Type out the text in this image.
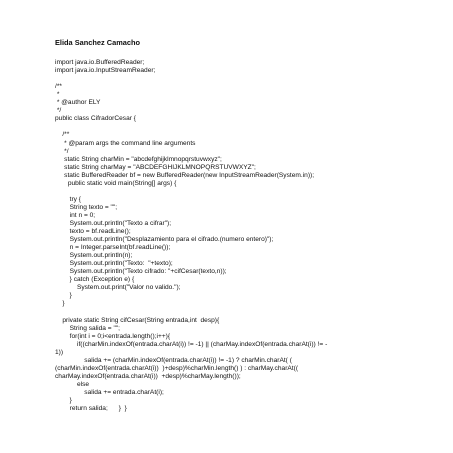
Elida Sanchez Camacho
import java.io.BufferedReader;
import java.io.InputStreamReader;
/**
*
* @author ELY
*/
public class CifradorCesar {
/**
* @param args the command line arguments
*/
static String charMin = "abcdefghijklmnopqrstuvwxyz";
static String charMay = "ABCDEFGHIJKLMNOPQRSTUVWXYZ";
static BufferedReader bf = new BufferedReader(new InputStreamReader(System.in));
public static void main(String[] args) {
try {
String texto = "";
int n = 0;
System.out.println("Texto a cifrar");
texto = bf.readLine();
System.out.println("Desplazamiento para el cifrado.(numero entero)");
n = Integer.parseInt(bf.readLine());
System.out.println(n);
System.out.println("Texto:  "+texto);
System.out.println("Texto cifrado: "+cifCesar(texto,n));
} catch (Exception e) {
System.out.print("Valor no valido.");
}
}
private static String cifCesar(String entrada,int  desp){
String salida = "";
for(int i = 0;i<entrada.length();i++){
if((charMin.indexOf(entrada.charAt(i)) != -1) || (charMay.indexOf(entrada.charAt(i)) != -
1))
salida += (charMin.indexOf(entrada.charAt(i)) != -1) ? charMin.charAt( (
(charMin.indexOf(entrada.charAt(i))  )+desp)%charMin.length() ) : charMay.charAt((
charMay.indexOf(entrada.charAt(i))  +desp)%charMay.length());
else
salida += entrada.charAt(i);
}
return salida;      }  }
